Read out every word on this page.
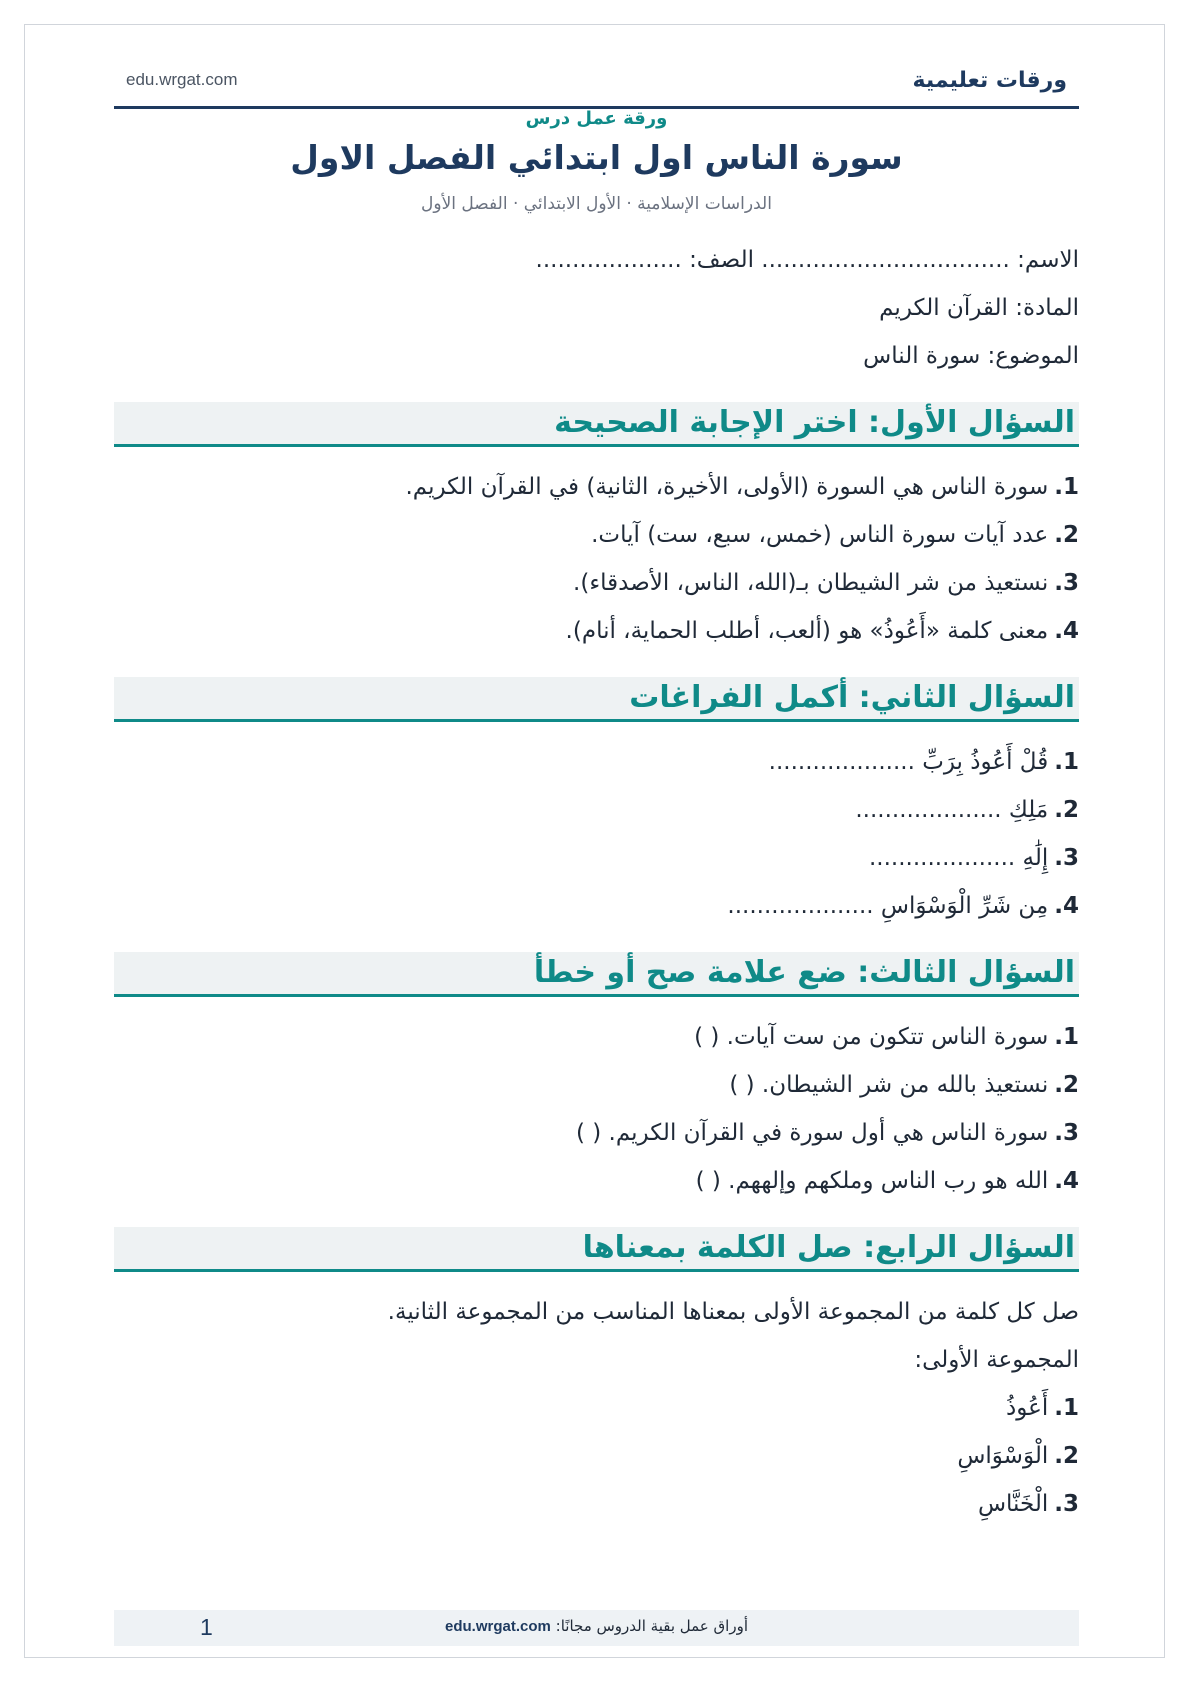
ورقات تعليمية
edu.wrgat.com
ورقة عمل درس
سورة الناس اول ابتدائي الفصل الاول
الدراسات الإسلامية · الأول الابتدائي · الفصل الأول
الاسم: .................................. الصف: ....................
المادة: القرآن الكريم
الموضوع: سورة الناس
السؤال الأول: اختر الإجابة الصحيحة
1.سورة الناس هي السورة (الأولى، الأخيرة، الثانية) في القرآن الكريم.
2.عدد آيات سورة الناس (خمس، سبع، ست) آيات.
3.نستعيذ من شر الشيطان بـ(الله، الناس، الأصدقاء).
4.معنى كلمة «أَعُوذُ» هو (ألعب، أطلب الحماية، أنام).
السؤال الثاني: أكمل الفراغات
1.قُلْ أَعُوذُ بِرَبِّ ....................
2.مَلِكِ ....................
3.إِلَٰهِ ....................
4.مِن شَرِّ الْوَسْوَاسِ ....................
السؤال الثالث: ضع علامة صح أو خطأ
1.سورة الناس تتكون من ست آيات. ( )
2.نستعيذ بالله من شر الشيطان. ( )
3.سورة الناس هي أول سورة في القرآن الكريم. ( )
4.الله هو رب الناس وملكهم وإلههم. ( )
السؤال الرابع: صل الكلمة بمعناها
صل كل كلمة من المجموعة الأولى بمعناها المناسب من المجموعة الثانية.
المجموعة الأولى:
1.أَعُوذُ
2.الْوَسْوَاسِ
3.الْخَنَّاسِ
1	أوراق عمل بقية الدروس مجانًا: edu.wrgat.com
